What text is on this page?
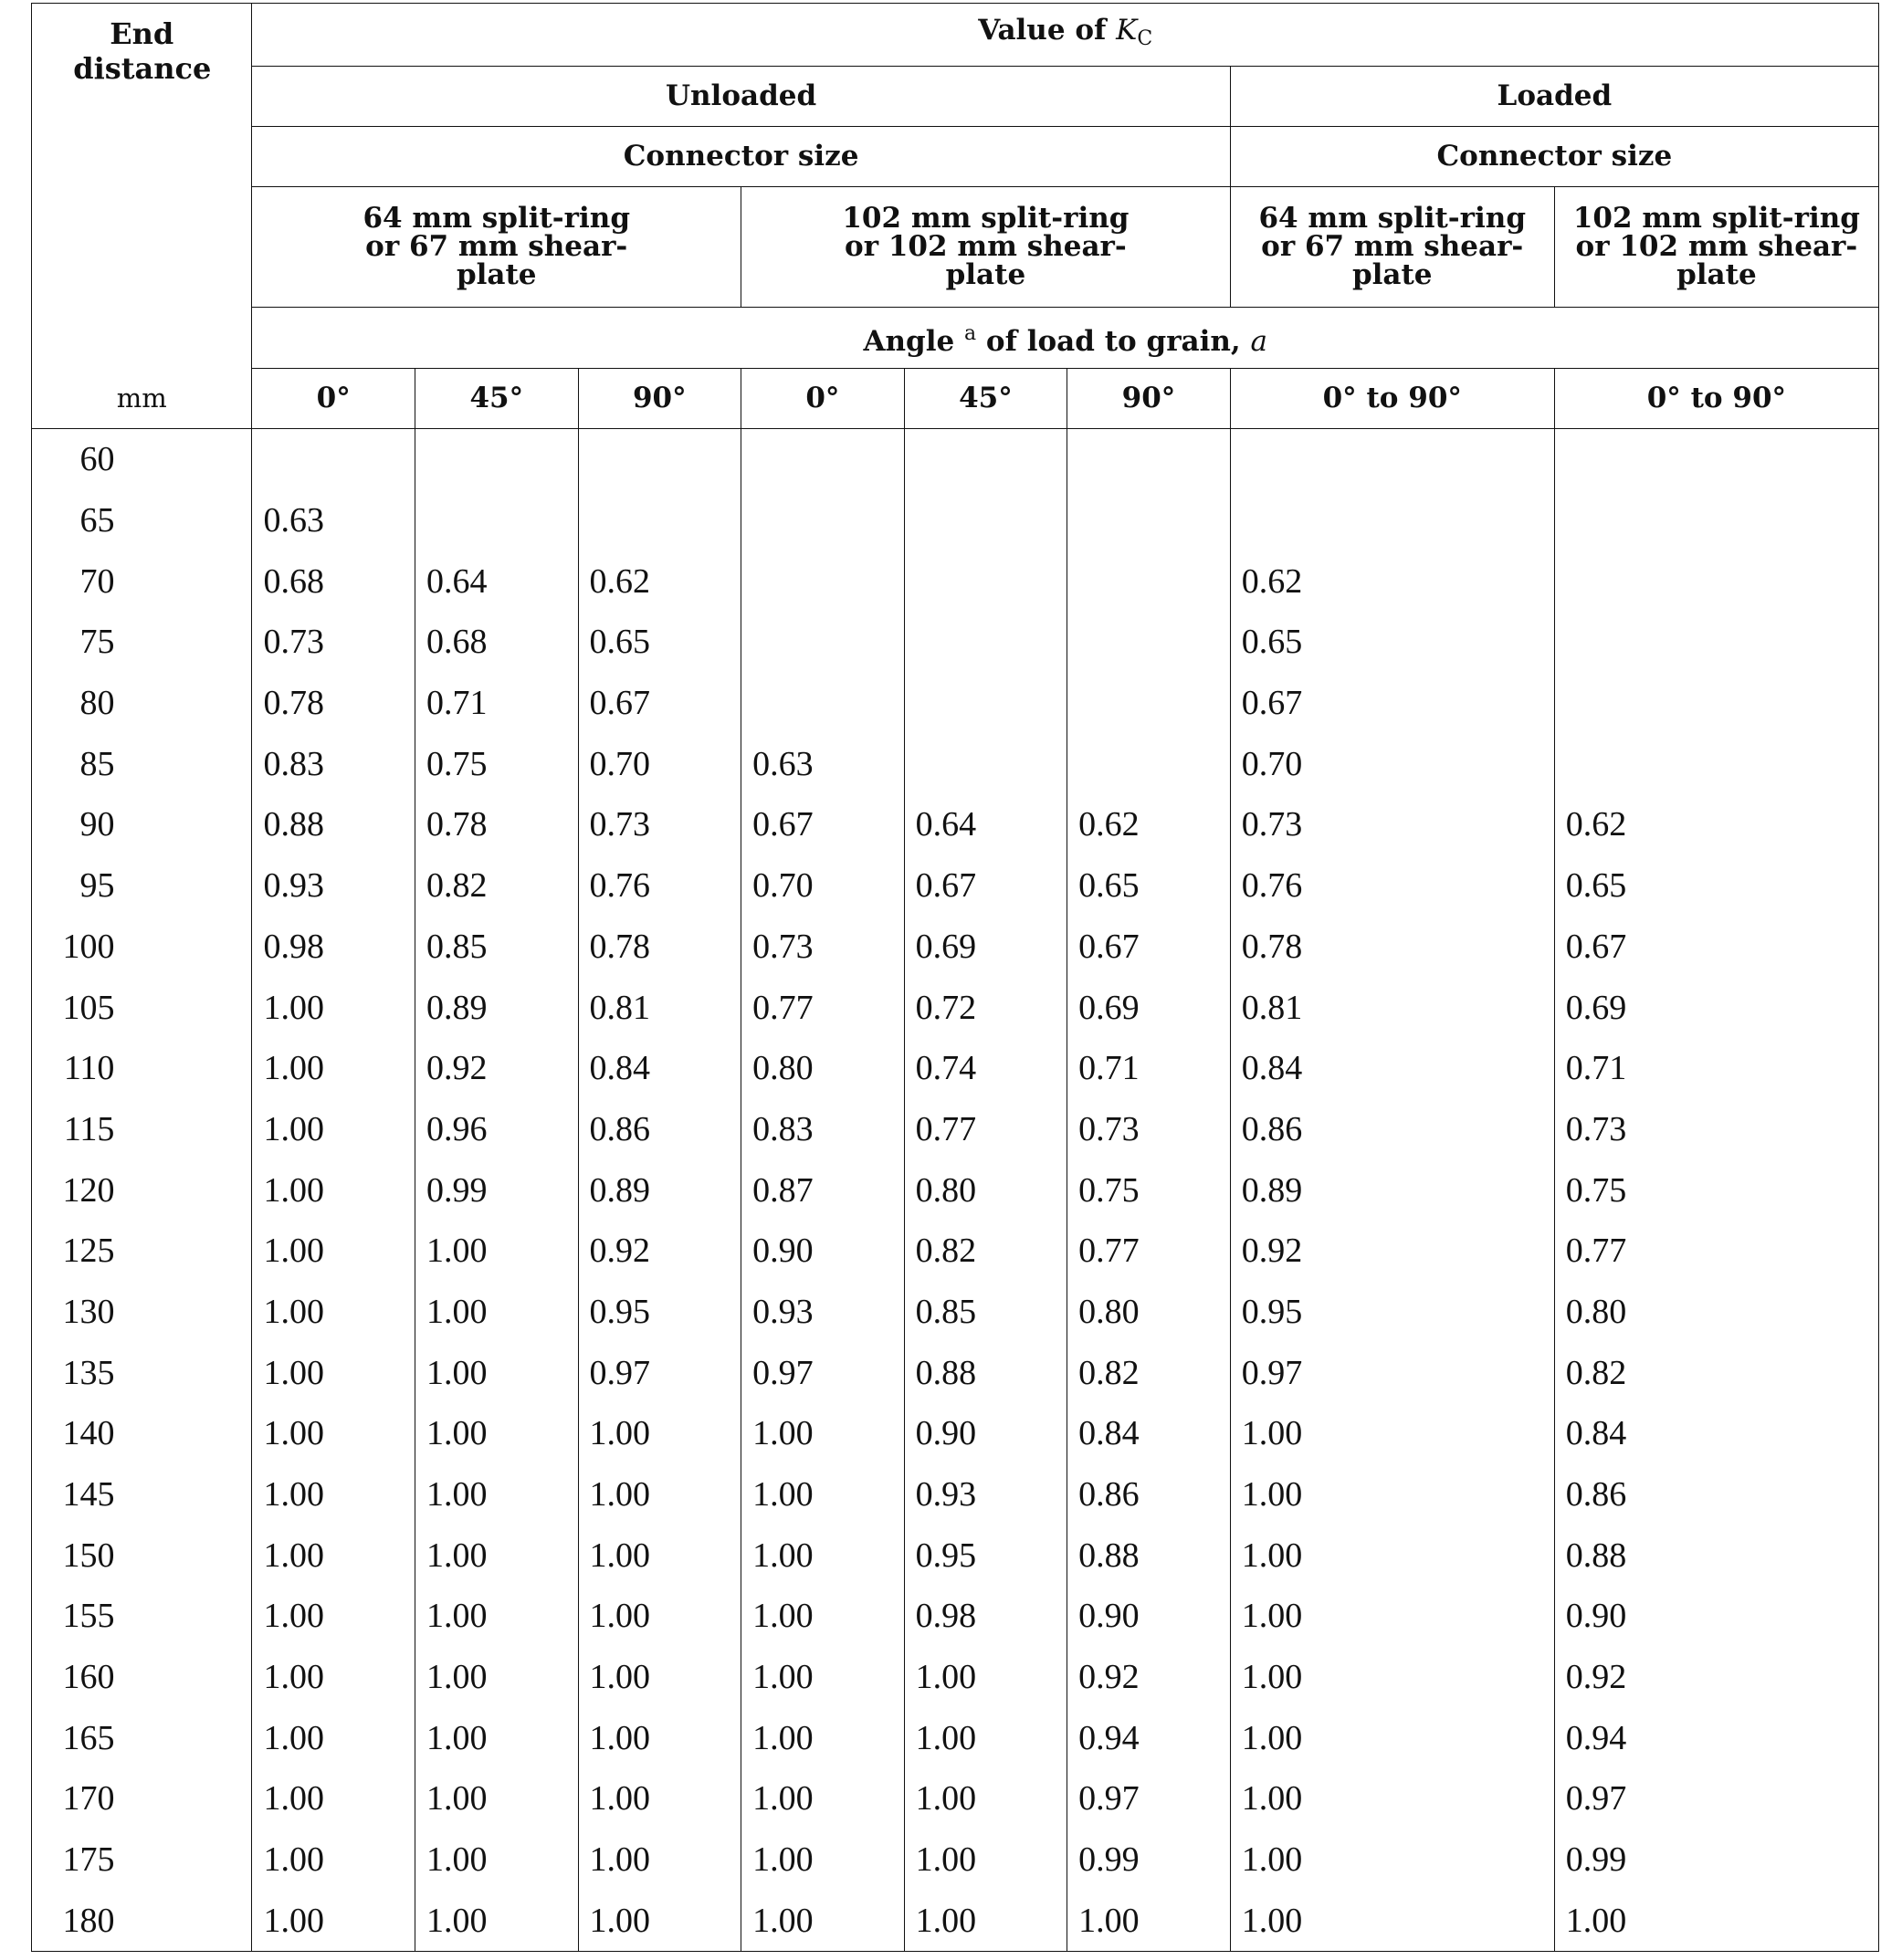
End distance	Value of $K_C$
	Unloaded						Loaded	
	Connector size						Connector size	
	64 mm split-ring or 67 mm shear-plate			102 mm split-ring or 102 mm shear-plate			64 mm split-ring or 67 mm shear-plate	102 mm split-ring or 102 mm shear-plate
	Angle $^a$ of load to grain, a							
mm	0°	45°	90°	0°	45°	90°	0° to 90°	0° to 90°
60								
65	0.63							
70	0.68	0.64	0.62				0.62	
75	0.73	0.68	0.65				0.65	
80	0.78	0.71	0.67				0.67	
85	0.83	0.75	0.70	0.63			0.70	
90	0.88	0.78	0.73	0.67	0.64	0.62	0.73	0.62
95	0.93	0.82	0.76	0.70	0.67	0.65	0.76	0.65
100	0.98	0.85	0.78	0.73	0.69	0.67	0.78	0.67
105	1.00	0.89	0.81	0.77	0.72	0.69	0.81	0.69
110	1.00	0.92	0.84	0.80	0.74	0.71	0.84	0.71
115	1.00	0.96	0.86	0.83	0.77	0.73	0.86	0.73
120	1.00	0.99	0.89	0.87	0.80	0.75	0.89	0.75
125	1.00	1.00	0.92	0.90	0.82	0.77	0.92	0.77
130	1.00	1.00	0.95	0.93	0.85	0.80	0.95	0.80
135	1.00	1.00	0.97	0.97	0.88	0.82	0.97	0.82
140	1.00	1.00	1.00	1.00	0.90	0.84	1.00	0.84
145	1.00	1.00	1.00	1.00	0.93	0.86	1.00	0.86
150	1.00	1.00	1.00	1.00	0.95	0.88	1.00	0.88
155	1.00	1.00	1.00	1.00	0.98	0.90	1.00	0.90
160	1.00	1.00	1.00	1.00	1.00	0.92	1.00	0.92
165	1.00	1.00	1.00	1.00	1.00	0.94	1.00	0.94
170	1.00	1.00	1.00	1.00	1.00	0.97	1.00	0.97
175	1.00	1.00	1.00	1.00	1.00	0.99	1.00	0.99
180	1.00	1.00	1.00	1.00	1.00	1.00	1.00	1.00
